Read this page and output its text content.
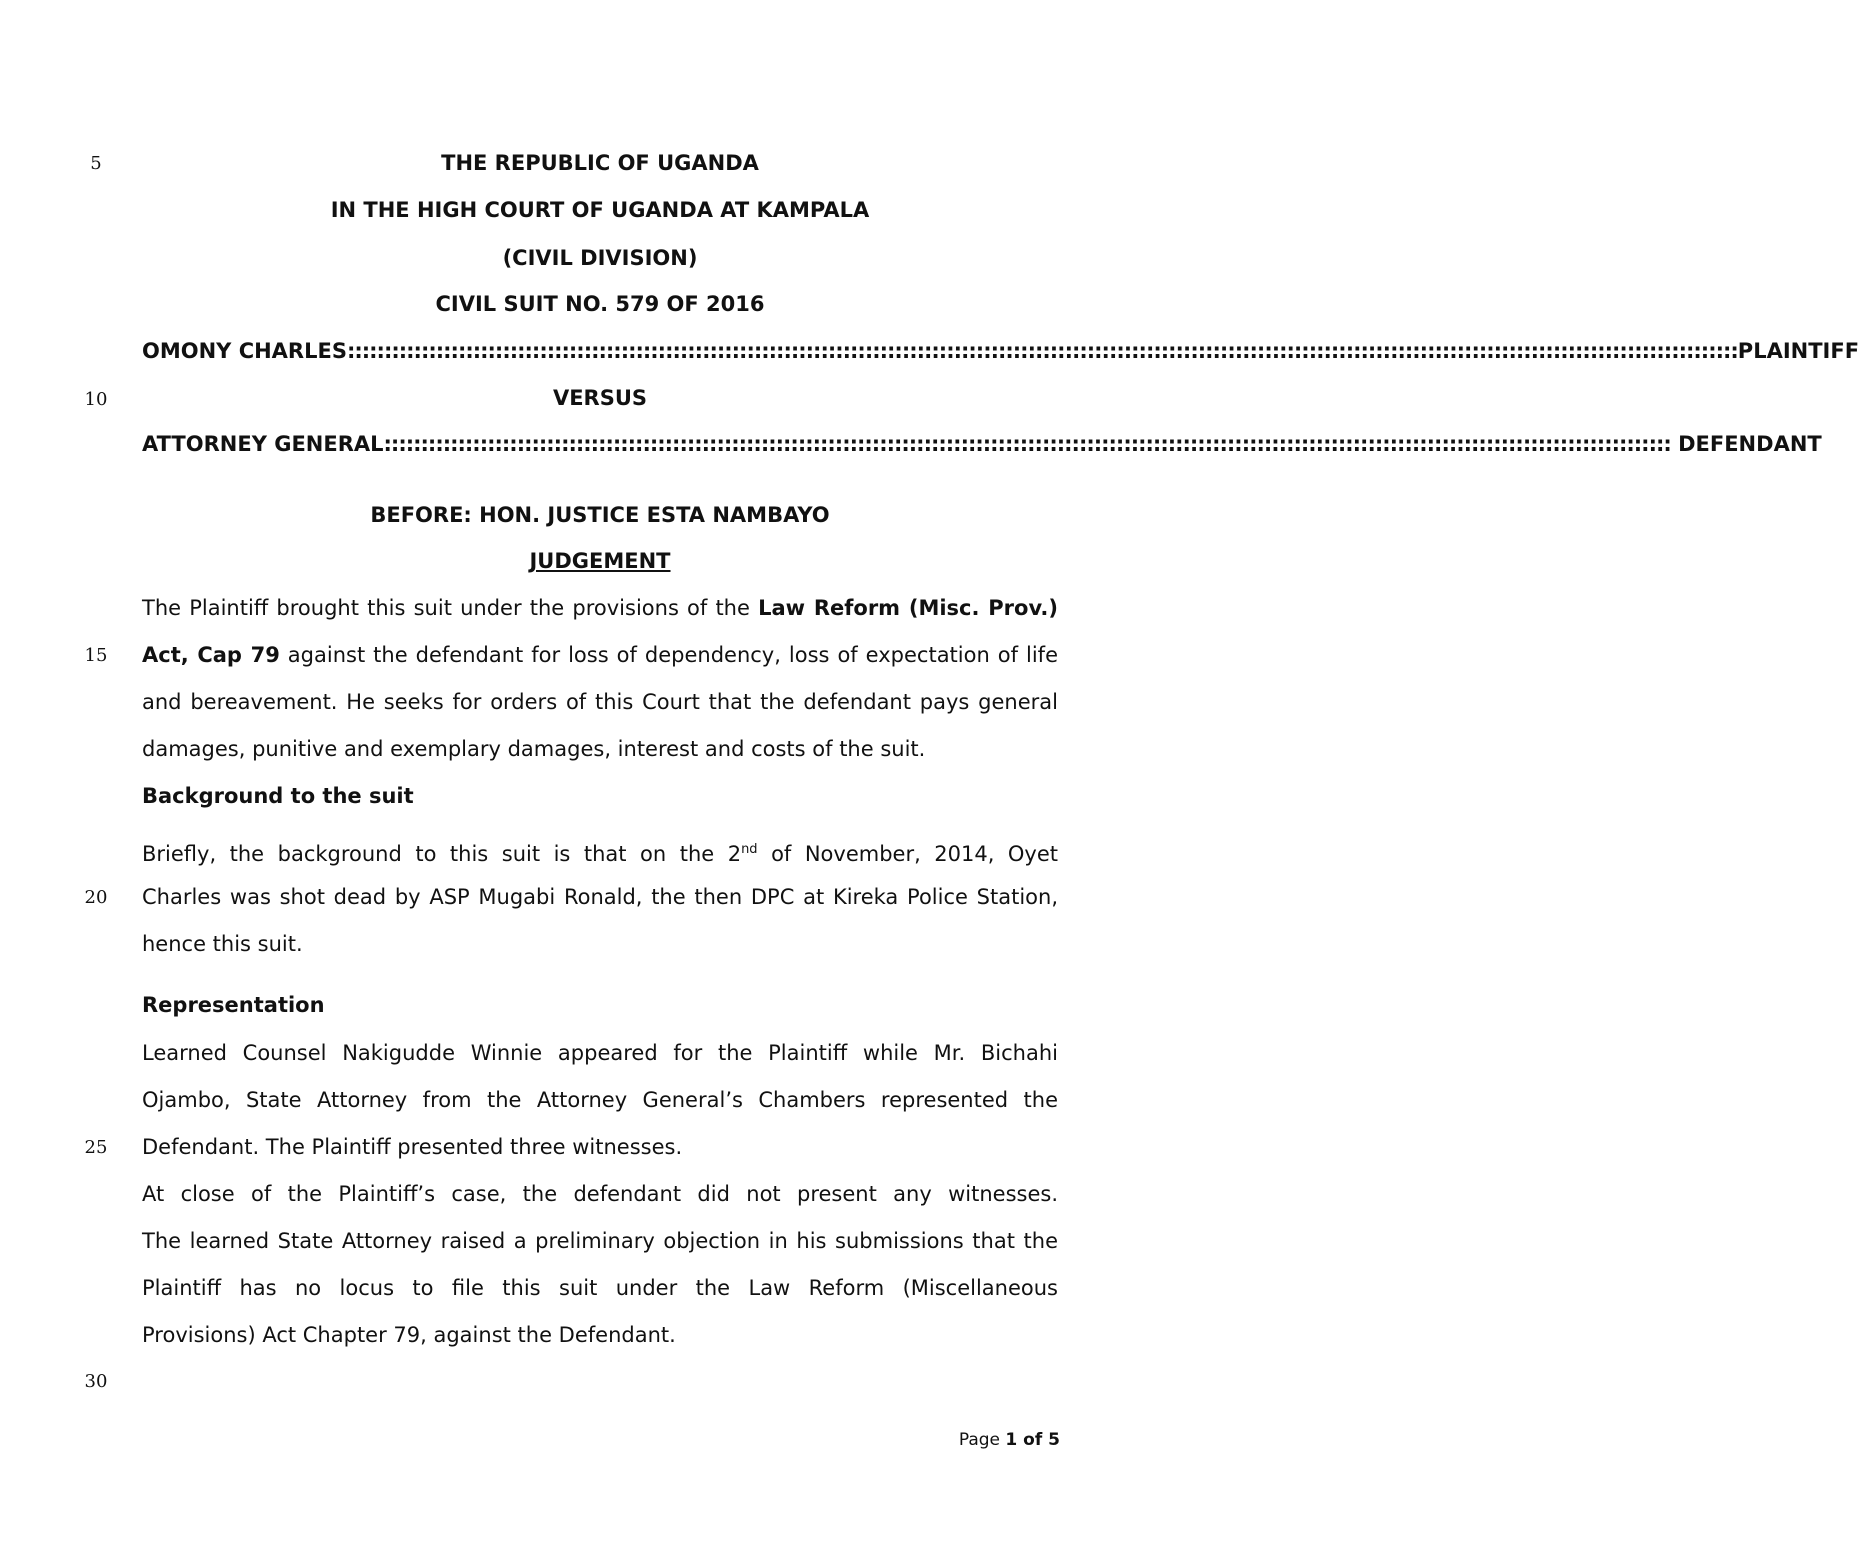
5
10
15
20
25
30
THE REPUBLIC OF UGANDA
IN THE HIGH COURT OF UGANDA AT KAMPALA
(CIVIL DIVISION)
CIVIL SUIT NO. 579 OF 2016
OMONY CHARLES :::::::::::::::::::::::::::::::::::::::::::::::::::::::::::::::::::::::::::::::::::::::::::::::::::::::::::::::::::::::::::::::::::::::::::::::::::::::::::::::::::::::::::::::::::::::::::: PLAINTIFF
VERSUS
ATTORNEY GENERAL :::::::::::::::::::::::::::::::::::::::::::::::::::::::::::::::::::::::::::::::::::::::::::::::::::::::::::::::::::::::::::::::::::::::::::::::::::::::::::::::::::::::::::::: DEFENDANT
BEFORE: HON. JUSTICE ESTA NAMBAYO
JUDGEMENT
The Plaintiff brought this suit under the provisions of the Law Reform (Misc. Prov.)
Act, Cap 79 against the defendant for loss of dependency, loss of expectation of life
and bereavement. He seeks for orders of this Court that the defendant pays general
damages, punitive and exemplary damages, interest and costs of the suit.
Background to the suit
Briefly, the background to this suit is that on the 2nd of November, 2014, Oyet
Charles was shot dead by ASP Mugabi Ronald, the then DPC at Kireka Police Station,
hence this suit.
Representation
Learned Counsel Nakigudde Winnie appeared for the Plaintiff while Mr. Bichahi
Ojambo, State Attorney from the Attorney General’s Chambers represented the
Defendant. The Plaintiff presented three witnesses.
At close of the Plaintiff’s case, the defendant did not present any witnesses.
The learned State Attorney raised a preliminary objection in his submissions that the
Plaintiff has no locus to file this suit under the Law Reform (Miscellaneous
Provisions) Act Chapter 79, against the Defendant.
Page 1 of 5
